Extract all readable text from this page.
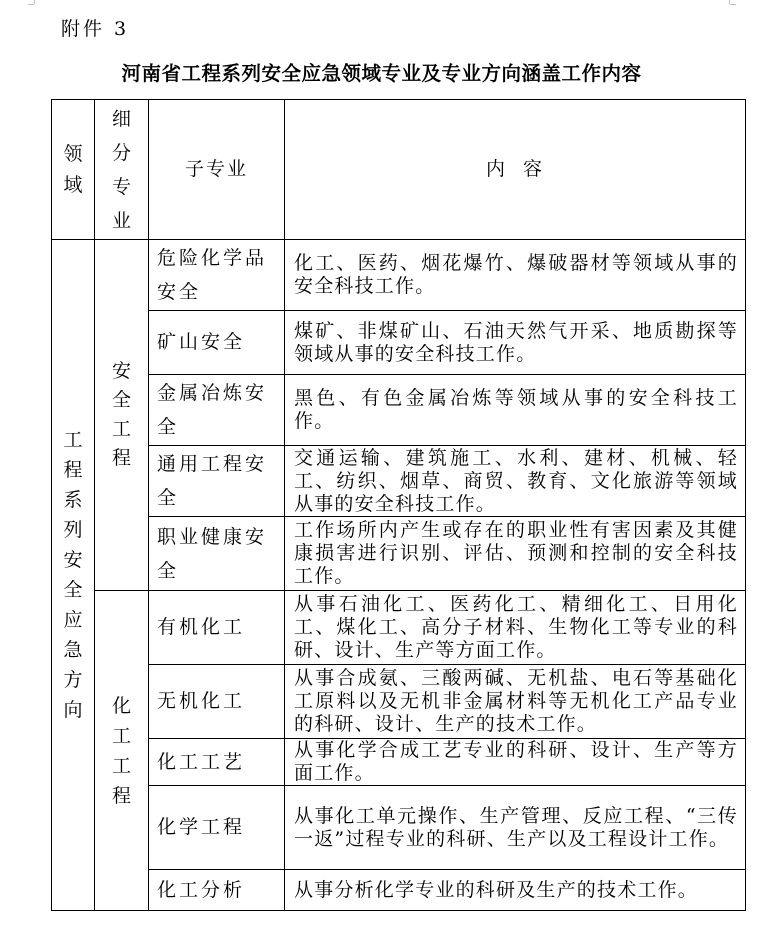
附件 3
河南省工程系列安全应急领域专业及专业方向涵盖工作内容
领域	细分专业	子专业	内  容

工程系列安全应急方向	安全工程	危险化学品安全	化工、医药、烟花爆竹、爆破器材等领域从事的安全科技工作。

		矿山安全	煤矿、非煤矿山、石油天然气开采、地质勘探等领域从事的安全科技工作。

		金属冶炼安全	黑色、有色金属冶炼等领域从事的安全科技工作。

		通用工程安全	交通运输、建筑施工、水利、建材、机械、轻工、纺织、烟草、商贸、教育、文化旅游等领域从事的安全科技工作。

		职业健康安全	工作场所内产生或存在的职业性有害因素及其健康损害进行识别、评估、预测和控制的安全科技工作。

	化工工程	有机化工	从事石油化工、医药化工、精细化工、日用化工、煤化工、高分子材料、生物化工等专业的科研、设计、生产等方面工作。

		无机化工	从事合成氨、三酸两碱、无机盐、电石等基础化工原料以及无机非金属材料等无机化工产品专业的科研、设计、生产的技术工作。

		化工工艺	从事化学合成工艺专业的科研、设计、生产等方面工作。

		化学工程	从事化工单元操作、生产管理、反应工程、“三传一返”过程专业的科研、生产以及工程设计工作。

		化工分析	从事分析化学专业的科研及生产的技术工作。
